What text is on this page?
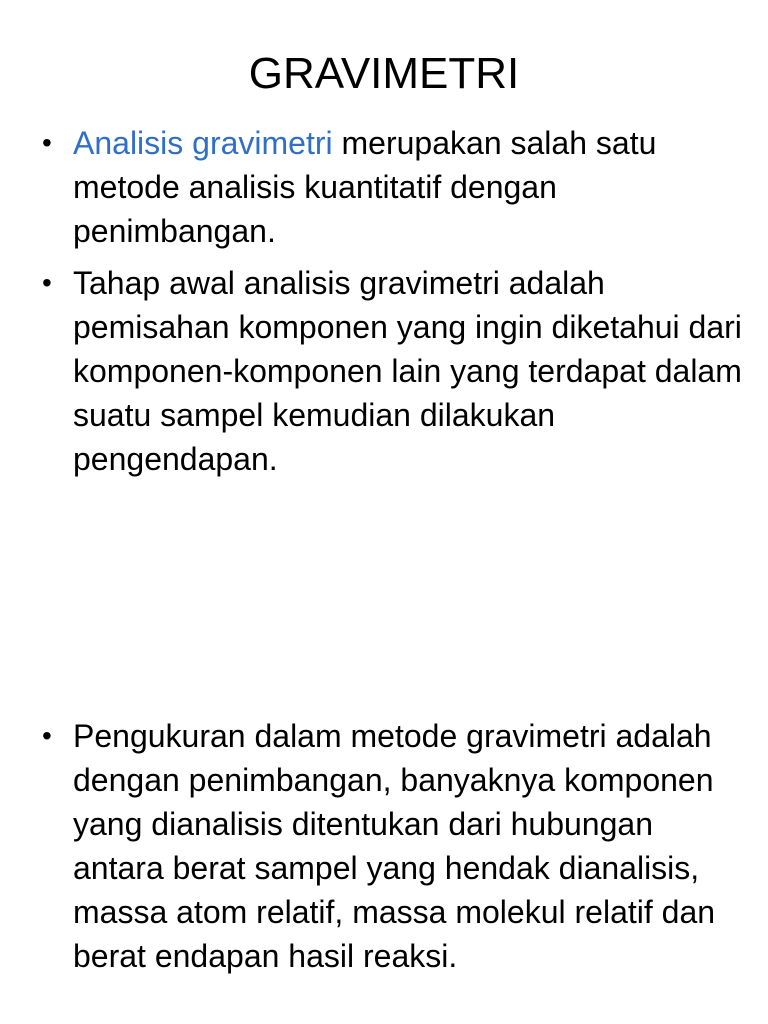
GRAVIMETRI
• Analisis gravimetri merupakan salah satu metode analisis kuantitatif dengan penimbangan.
• Tahap awal analisis gravimetri adalah pemisahan komponen yang ingin diketahui dari komponen-komponen lain yang terdapat dalam suatu sampel kemudian dilakukan pengendapan.
• Pengukuran dalam metode gravimetri adalah dengan penimbangan, banyaknya komponen yang dianalisis ditentukan dari hubungan antara berat sampel yang hendak dianalisis, massa atom relatif, massa molekul relatif dan berat endapan hasil reaksi.
